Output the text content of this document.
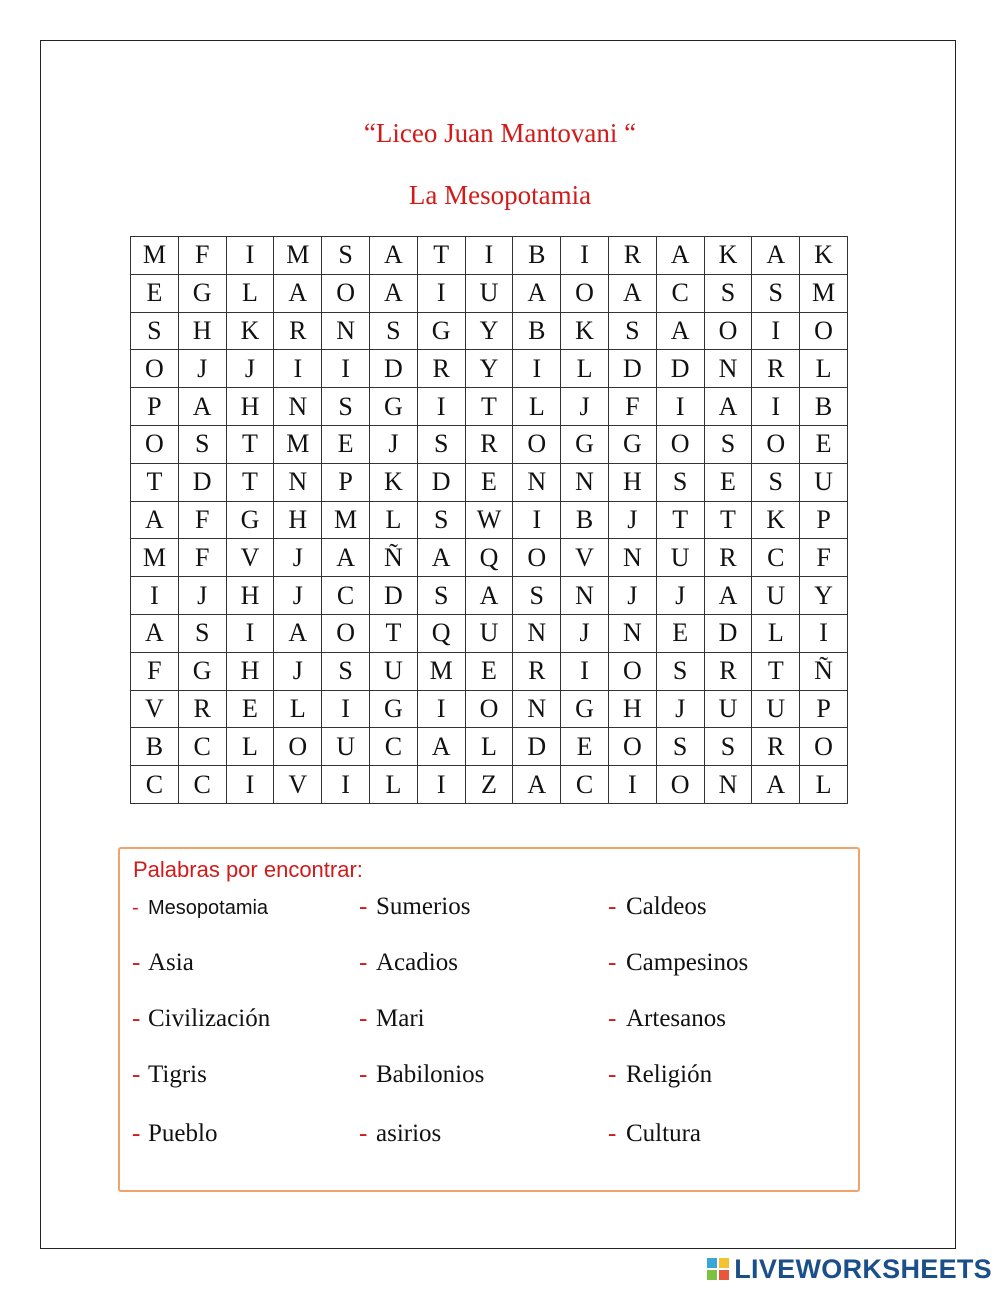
“Liceo Juan Mantovani “
La Mesopotamia
M	F	I	M	S	A	T	I	B	I	R	A	K	A	K
E	G	L	A	O	A	I	U	A	O	A	C	S	S	M
S	H	K	R	N	S	G	Y	B	K	S	A	O	I	O
O	J	J	I	I	D	R	Y	I	L	D	D	N	R	L
P	A	H	N	S	G	I	T	L	J	F	I	A	I	B
O	S	T	M	E	J	S	R	O	G	G	O	S	O	E
T	D	T	N	P	K	D	E	N	N	H	S	E	S	U
A	F	G	H	M	L	S	W	I	B	J	T	T	K	P
M	F	V	J	A	Ñ	A	Q	O	V	N	U	R	C	F
I	J	H	J	C	D	S	A	S	N	J	J	A	U	Y
A	S	I	A	O	T	Q	U	N	J	N	E	D	L	I
F	G	H	J	S	U	M	E	R	I	O	S	R	T	Ñ
V	R	E	L	I	G	I	O	N	G	H	J	U	U	P
B	C	L	O	U	C	A	L	D	E	O	S	S	R	O
C	C	I	V	I	L	I	Z	A	C	I	O	N	A	L
Palabras por encontrar:
- Mesopotamia	- Sumerios	- Caldeos
- Asia	- Acadios	- Campesinos
- Civilización	- Mari	- Artesanos
- Tigris	- Babilonios	- Religión
- Pueblo	- asirios	- Cultura
LIVEWORKSHEETS
